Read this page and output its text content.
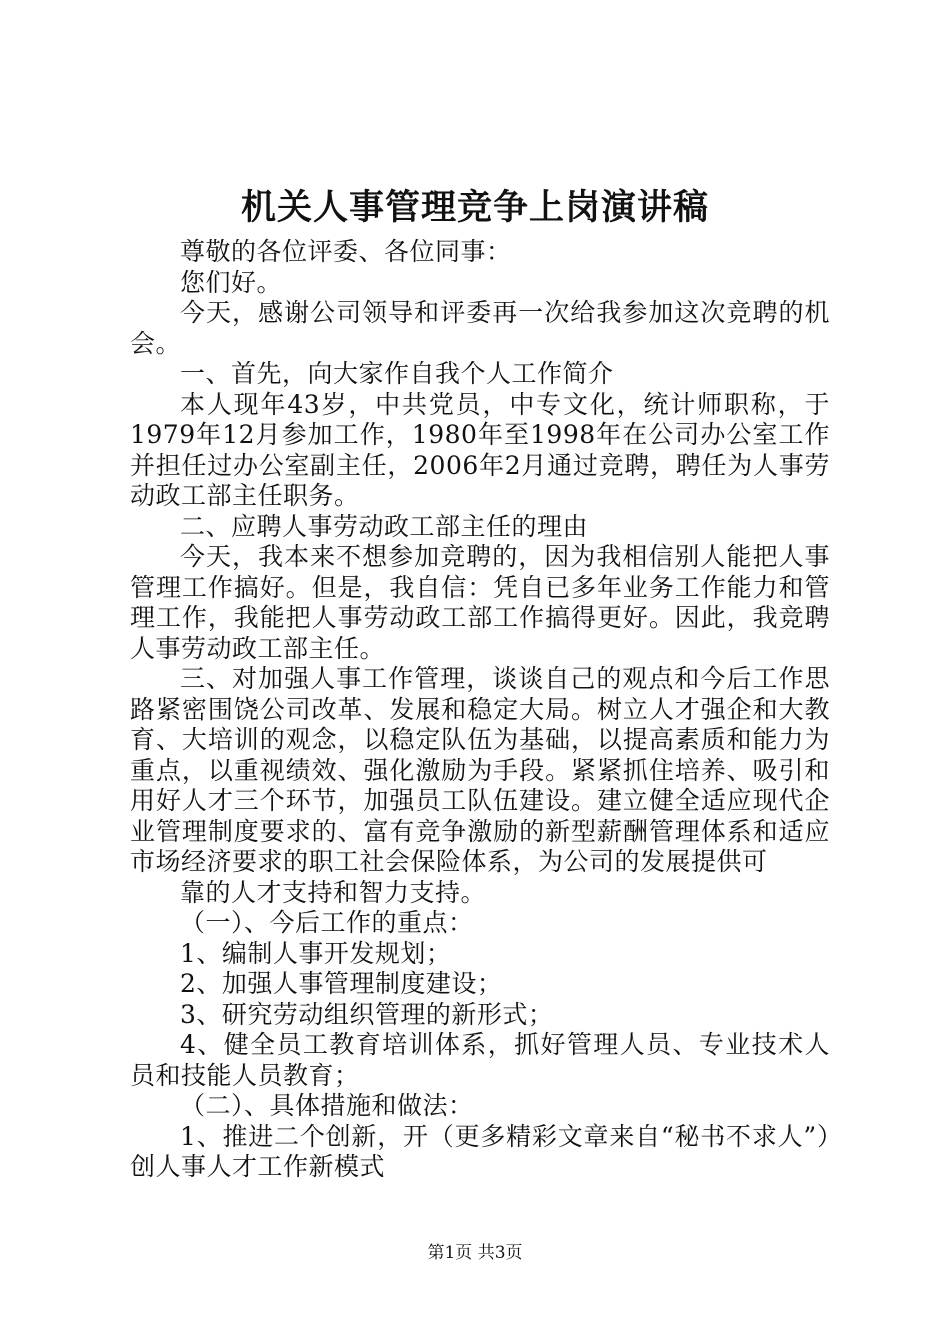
机关人事管理竞争上岗演讲稿

尊敬的各位评委、各位同事：

您们好。

今天，感谢公司领导和评委再一次给我参加这次竞聘的机会。

一、首先，向大家作自我个人工作简介

本人现年43岁，中共党员，中专文化，统计师职称，于1979年12月参加工作，1980年至1998年在公司办公室工作并担任过办公室副主任，2006年2月通过竞聘，聘任为人事劳动政工部主任职务。

二、应聘人事劳动政工部主任的理由

今天，我本来不想参加竞聘的，因为我相信别人能把人事管理工作搞好。但是，我自信：凭自已多年业务工作能力和管理工作，我能把人事劳动政工部工作搞得更好。因此，我竞聘人事劳动政工部主任。

三、对加强人事工作管理，谈谈自己的观点和今后工作思路紧密围饶公司改革、发展和稳定大局。树立人才强企和大教育、大培训的观念，以稳定队伍为基础，以提高素质和能力为重点，以重视绩效、强化激励为手段。紧紧抓住培养、吸引和用好人才三个环节，加强员工队伍建设。建立健全适应现代企业管理制度要求的、富有竞争激励的新型薪酬管理体系和适应市场经济要求的职工社会保险体系，为公司的发展提供可

靠的人才支持和智力支持。

（一）、今后工作的重点：

1、编制人事开发规划；

2、加强人事管理制度建设；

3、研究劳动组织管理的新形式；

4、健全员工教育培训体系，抓好管理人员、专业技术人员和技能人员教育；

（二）、具体措施和做法：

1、推进二个创新，开（更多精彩文章来自“秘书不求人”）创人事人才工作新模式

第1页 共3页
